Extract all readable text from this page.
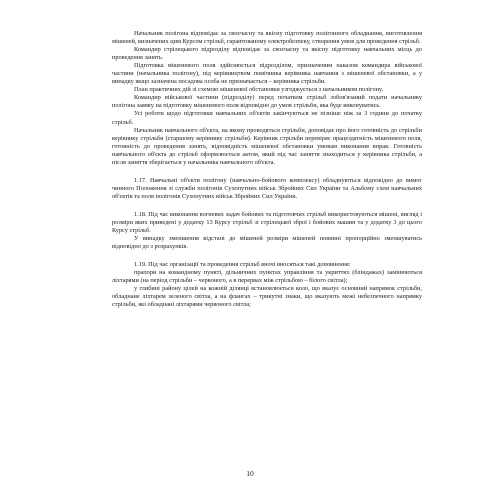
Начальник полігона відповідає за своєчасну та якісну підготовку полігонного обладнання, виготовлення мішеней, визначених цим Курсом стрільб, гарантованому електробезпеку, створення умов для проведення стрільб.

Командир стрілецького підрозділу відповідає за своєчасну та якісну підготовку навчальних місць до проведення занять.

Підготовка мішеневого поля здійснюється підрозділом, призначеним наказом командира військової частини (начальника полігону), під керівництвом помічника керівника навчання з мішеневої обстановки, а у випадку якщо зазначена посадова особа не призначається – керівника стрільби.

План практичних дій зі схемою мішеневої обстановки узгоджується з начальником полігону.

Командир військової частини (підрозділу) перед початком стрільб зобов'язаний подати начальнику полігона заявку на підготовку мішеневого поля відповідно до умов стрільби, яка буде виконуватись.

Усі роботи щодо підготовки навчальних об'єктів закінчуються не пізніше ніж за 3 години до початку стрільб.

Начальник навчального об'єкта, на якому проводяться стрільби, доповідає про його готовність до стрільби керівнику стрільби (старшому керівнику стрільби). Керівник стрільби перевіряє працездатність мішеневого поля, готовність до проведення занять, відповідність мішеневої обстановки умовам виконання вправ. Готовність навчального об'єкта до стрільб оформлюється актом, який під час заняття знаходиться у керівника стрільби, а після заняття зберігається у начальника навчального об'єкта.

1.17. Навчальні об'єкти полігону (навчально-бойового комплексу) обладнуються відповідно до вимог чинного Положення зі служби полігонів Сухопутних військ Збройних Сил України та Альбому схем навчальних об'єктів та поля полігонів Сухопутних військ Збройних Сил України.

1.18. Під час виконання вогневих задач бойових та підготовчих стрільб використовуються мішені, вигляд і розміри яких приведені у додатку 13 Курсу стрільб зі стрілецької зброї і бойових машин та у додатку 3 до цього Курсу стрільб.

У випадку зменшення відстані до мішеней розміри мішеней повинні пропорційно зменшуватись відповідно до з розрахунків.

1.19. Під час організації та проведення стрільб вночі вносяться такі доповнення:

прапори на командному пункті, дільничних пунктах управління та укриттях (бліндажах) замінюються ліхтарями (на період стрільби – червоного, а в перервах між стрільбою – білого світла);

у глибині району цілей на кожній ділянці встановлюється коло, що вказує основний напрямок стрільби, обладнане ліхтарем зеленого світла, а на флангах – трикутні знаки, що вказують межі небезпечного напрямку стрільби, які обладнані ліхтарями червоного світла;

10
